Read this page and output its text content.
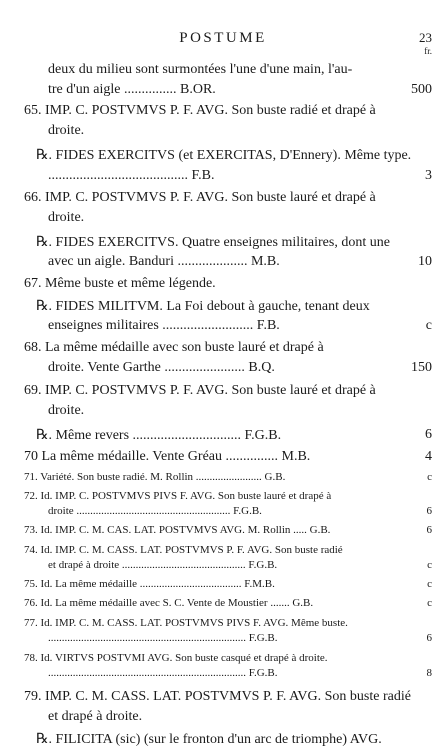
POSTUME	23
fr.
deux du milieu sont surmontées l'une d'une main, l'au-
tre d'un aigle ............... B.OR.	500
65. IMP. C. POSTVMVS P. F. AVG. Son buste radié et drapé à
droite.
℞. FIDES EXERCITVS (et EXERCITAS, D'Ennery). Même type.
........................................ F.B.	3
66. IMP. C. POSTVMVS P. F. AVG. Son buste lauré et drapé à
droite.
℞. FIDES EXERCITVS. Quatre enseignes militaires, dont une
avec un aigle. Banduri .................... M.B.	10
67. Même buste et même légende.
℞. FIDES MILITVM. La Foi debout à gauche, tenant deux
enseignes militaires .......................... F.B.	c
68. La même médaille avec son buste lauré et drapé à
droite. Vente Garthe ....................... B.Q.	150
69. IMP. C. POSTVMVS P. F. AVG. Son buste lauré et drapé à
droite.
℞. Même revers ............................... F.G.B.	6
70 La même médaille. Vente Gréau ............... M.B.	4
71. Variété. Son buste radié. M. Rollin ........................ G.B.	c
72. Id. IMP. C. POSTVMVS PIVS F. AVG. Son buste lauré et drapé à
droite ........................................................ F.G.B.	6
73. Id. IMP. C. M. CAS. LAT. POSTVMVS AVG. M. Rollin ..... G.B.	6
74. Id. IMP. C. M. CASS. LAT. POSTVMVS P. F. AVG. Son buste radié
et drapé à droite ............................................. F.G.B.	c
75. Id. La même médaille ..................................... F.M.B.	c
76. Id. La même médaille avec S. C. Vente de Moustier ....... G.B.	c
77. Id. IMP. C. M. CASS. LAT. POSTVMVS PIVS F. AVG. Même buste.
........................................................................ F.G.B.	6
78. Id. VIRTVS POSTVMI AVG. Son buste casqué et drapé à droite.
........................................................................ F.G.B.	8
79. IMP. C. M. CASS. LAT. POSTVMVS P. F. AVG. Son buste radié
et drapé à droite.
℞. FILICITA (sic) (sur le fronton d'un arc de triomphe) AVG.
